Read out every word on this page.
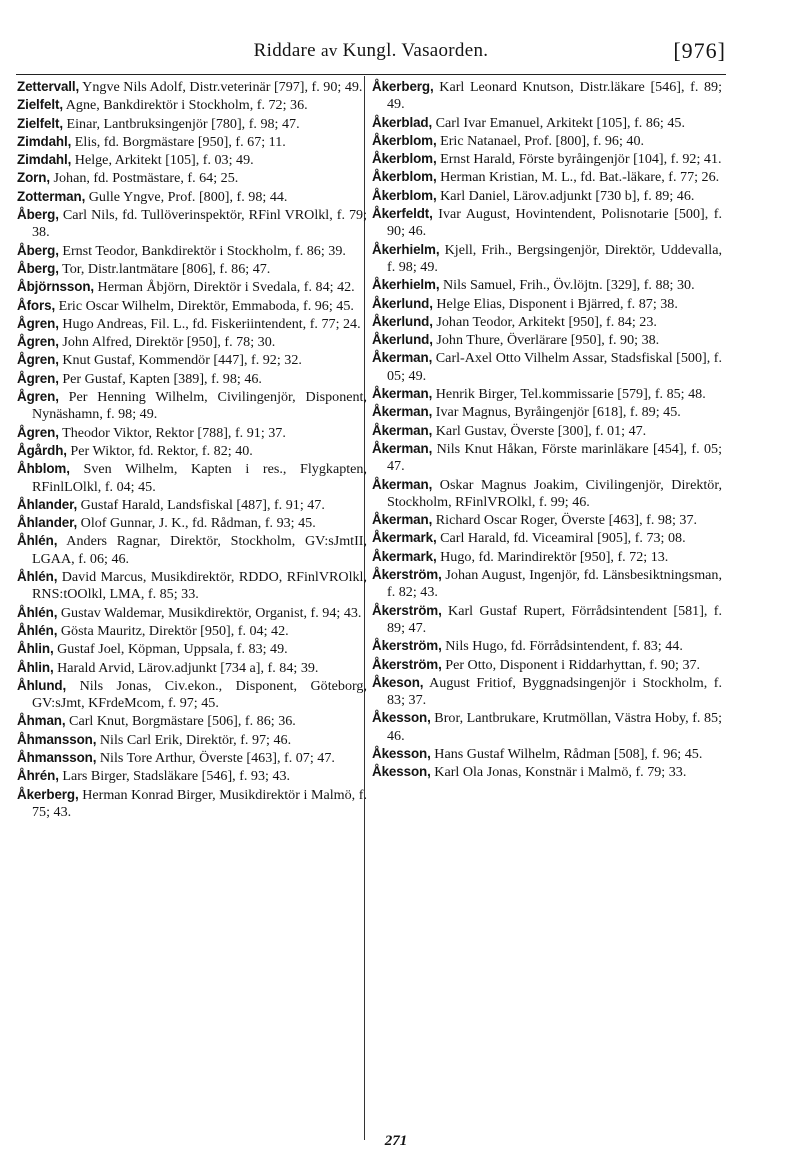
Riddare av Kungl. Vasaorden.	[976]

Zettervall, Yngve Nils Adolf, Distr.veterinär [797], f. 90; 49.

Zielfelt, Agne, Bankdirektör i Stockholm, f. 72; 36.

Zielfelt, Einar, Lantbruksingenjör [780], f. 98; 47.

Zimdahl, Elis, fd. Borgmästare [950], f. 67; 11.

Zimdahl, Helge, Arkitekt [105], f. 03; 49.

Zorn, Johan, fd. Postmästare, f. 64; 25.

Zotterman, Gulle Yngve, Prof. [800], f. 98; 44.

Åberg, Carl Nils, fd. Tullöverinspektör, RFinl VROlkl, f. 79; 38.

Åberg, Ernst Teodor, Bankdirektör i Stockholm, f. 86; 39.

Åberg, Tor, Distr.lantmätare [806], f. 86; 47.

Åbjörnsson, Herman Åbjörn, Direktör i Svedala, f. 84; 42.

Åfors, Eric Oscar Wilhelm, Direktör, Emmaboda, f. 96; 45.

Ågren, Hugo Andreas, Fil. L., fd. Fiskeriintendent, f. 77; 24.

Ågren, John Alfred, Direktör [950], f. 78; 30.

Ågren, Knut Gustaf, Kommendör [447], f. 92; 32.

Ågren, Per Gustaf, Kapten [389], f. 98; 46.

Ågren, Per Henning Wilhelm, Civilingenjör, Disponent, Nynäshamn, f. 98; 49.

Ågren, Theodor Viktor, Rektor [788], f. 91; 37.

Ågårdh, Per Wiktor, fd. Rektor, f. 82; 40.

Åhblom, Sven Wilhelm, Kapten i res., Flygkapten, RFinlLOlkl, f. 04; 45.

Åhlander, Gustaf Harald, Landsfiskal [487], f. 91; 47.

Åhlander, Olof Gunnar, J. K., fd. Rådman, f. 93; 45.

Åhlén, Anders Ragnar, Direktör, Stockholm, GV:sJmtII, LGAA, f. 06; 46.

Åhlén, David Marcus, Musikdirektör, RDDO, RFinlVROlkl, RNS:tOOlkl, LMA, f. 85; 33.

Åhlén, Gustav Waldemar, Musikdirektör, Organist, f. 94; 43.

Åhlén, Gösta Mauritz, Direktör [950], f. 04; 42.

Åhlin, Gustaf Joel, Köpman, Uppsala, f. 83; 49.

Åhlin, Harald Arvid, Lärov.adjunkt [734 a], f. 84; 39.

Åhlund, Nils Jonas, Civ.ekon., Disponent, Göteborg, GV:sJmt, KFrdeMcom, f. 97; 45.

Åhman, Carl Knut, Borgmästare [506], f. 86; 36.

Åhmansson, Nils Carl Erik, Direktör, f. 97; 46.

Åhmansson, Nils Tore Arthur, Överste [463], f. 07; 47.

Åhrén, Lars Birger, Stadsläkare [546], f. 93; 43.

Åkerberg, Herman Konrad Birger, Musikdirektör i Malmö, f. 75; 43.

Åkerberg, Karl Leonard Knutson, Distr.läkare [546], f. 89; 49.

Åkerblad, Carl Ivar Emanuel, Arkitekt [105], f. 86; 45.

Åkerblom, Eric Natanael, Prof. [800], f. 96; 40.

Åkerblom, Ernst Harald, Förste byråingenjör [104], f. 92; 41.

Åkerblom, Herman Kristian, M. L., fd. Bat.-läkare, f. 77; 26.

Åkerblom, Karl Daniel, Lärov.adjunkt [730 b], f. 89; 46.

Åkerfeldt, Ivar August, Hovintendent, Polisnotarie [500], f. 90; 46.

Åkerhielm, Kjell, Frih., Bergsingenjör, Direktör, Uddevalla, f. 98; 49.

Åkerhielm, Nils Samuel, Frih., Öv.löjtn. [329], f. 88; 30.

Åkerlund, Helge Elias, Disponent i Bjärred, f. 87; 38.

Åkerlund, Johan Teodor, Arkitekt [950], f. 84; 23.

Åkerlund, John Thure, Överlärare [950], f. 90; 38.

Åkerman, Carl-Axel Otto Vilhelm Assar, Stadsfiskal [500], f. 05; 49.

Åkerman, Henrik Birger, Tel.kommissarie [579], f. 85; 48.

Åkerman, Ivar Magnus, Byråingenjör [618], f. 89; 45.

Åkerman, Karl Gustav, Överste [300], f. 01; 47.

Åkerman, Nils Knut Håkan, Förste marinläkare [454], f. 05; 47.

Åkerman, Oskar Magnus Joakim, Civilingenjör, Direktör, Stockholm, RFinlVROlkl, f. 99; 46.

Åkerman, Richard Oscar Roger, Överste [463], f. 98; 37.

Åkermark, Carl Harald, fd. Viceamiral [905], f. 73; 08.

Åkermark, Hugo, fd. Marindirektör [950], f. 72; 13.

Åkerström, Johan August, Ingenjör, fd. Länsbesiktningsman, f. 82; 43.

Åkerström, Karl Gustaf Rupert, Förrådsintendent [581], f. 89; 47.

Åkerström, Nils Hugo, fd. Förrådsintendent, f. 83; 44.

Åkerström, Per Otto, Disponent i Riddarhyttan, f. 90; 37.

Åkeson, August Fritiof, Byggnadsingenjör i Stockholm, f. 83; 37.

Åkesson, Bror, Lantbrukare, Krutmöllan, Västra Hoby, f. 85; 46.

Åkesson, Hans Gustaf Wilhelm, Rådman [508], f. 96; 45.

Åkesson, Karl Ola Jonas, Konstnär i Malmö, f. 79; 33.

271
